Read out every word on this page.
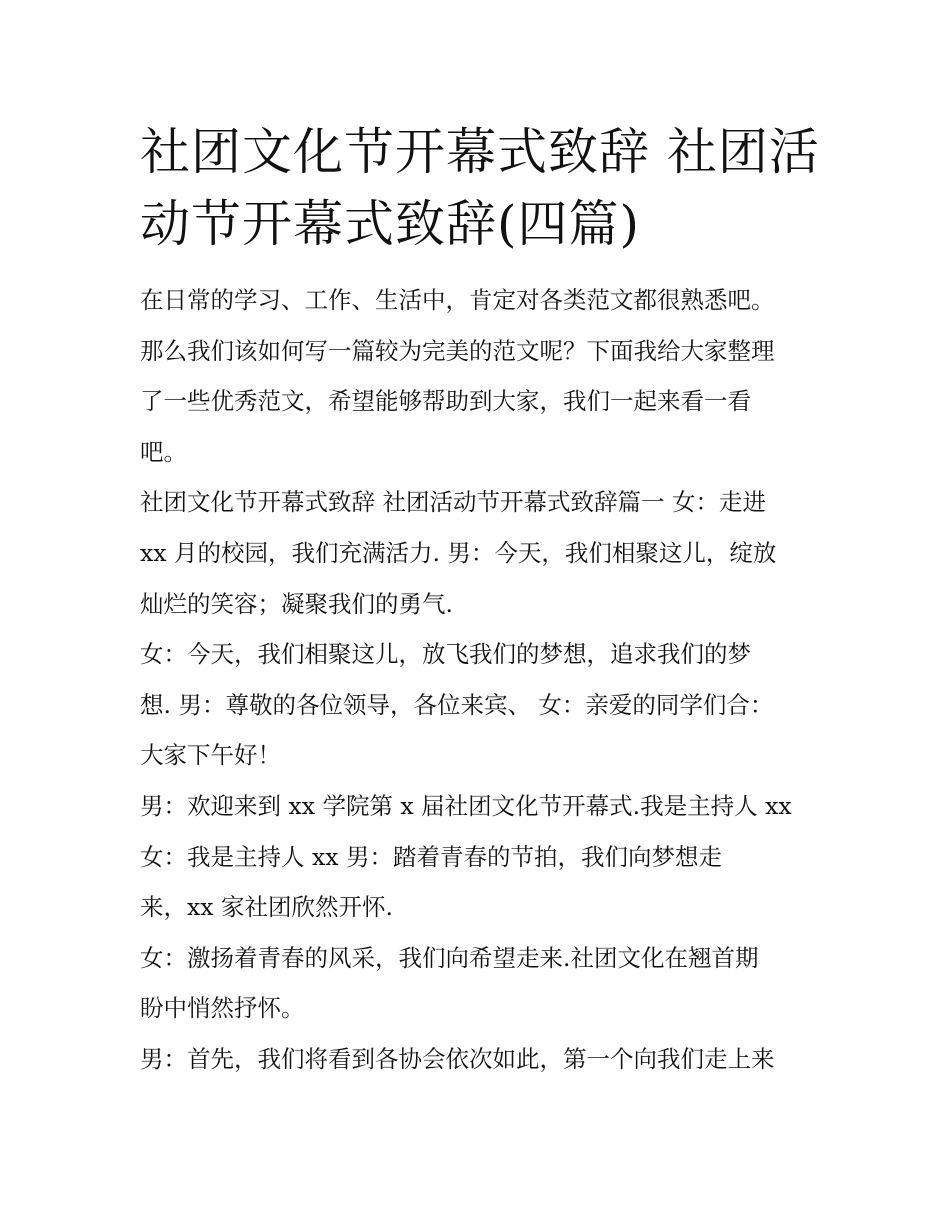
社团文化节开幕式致辞 社团活
动节开幕式致辞(四篇)
在日常的学习、工作、生活中，肯定对各类范文都很熟悉吧。
那么我们该如何写一篇较为完美的范文呢？下面我给大家整理
了一些优秀范文，希望能够帮助到大家，我们一起来看一看
吧。
社团文化节开幕式致辞 社团活动节开幕式致辞篇一 女：走进
xx 月的校园，我们充满活力. 男：今天，我们相聚这儿，绽放
灿烂的笑容；凝聚我们的勇气.
女：今天，我们相聚这儿，放飞我们的梦想，追求我们的梦
想. 男：尊敬的各位领导，各位来宾、 女：亲爱的同学们合：
大家下午好！
男：欢迎来到 xx 学院第 x 届社团文化节开幕式.我是主持人 xx
女：我是主持人 xx 男：踏着青春的节拍，我们向梦想走
来，xx 家社团欣然开怀.
女：激扬着青春的风采，我们向希望走来.社团文化在翘首期
盼中悄然抒怀。
男：首先，我们将看到各协会依次如此，第一个向我们走上来
